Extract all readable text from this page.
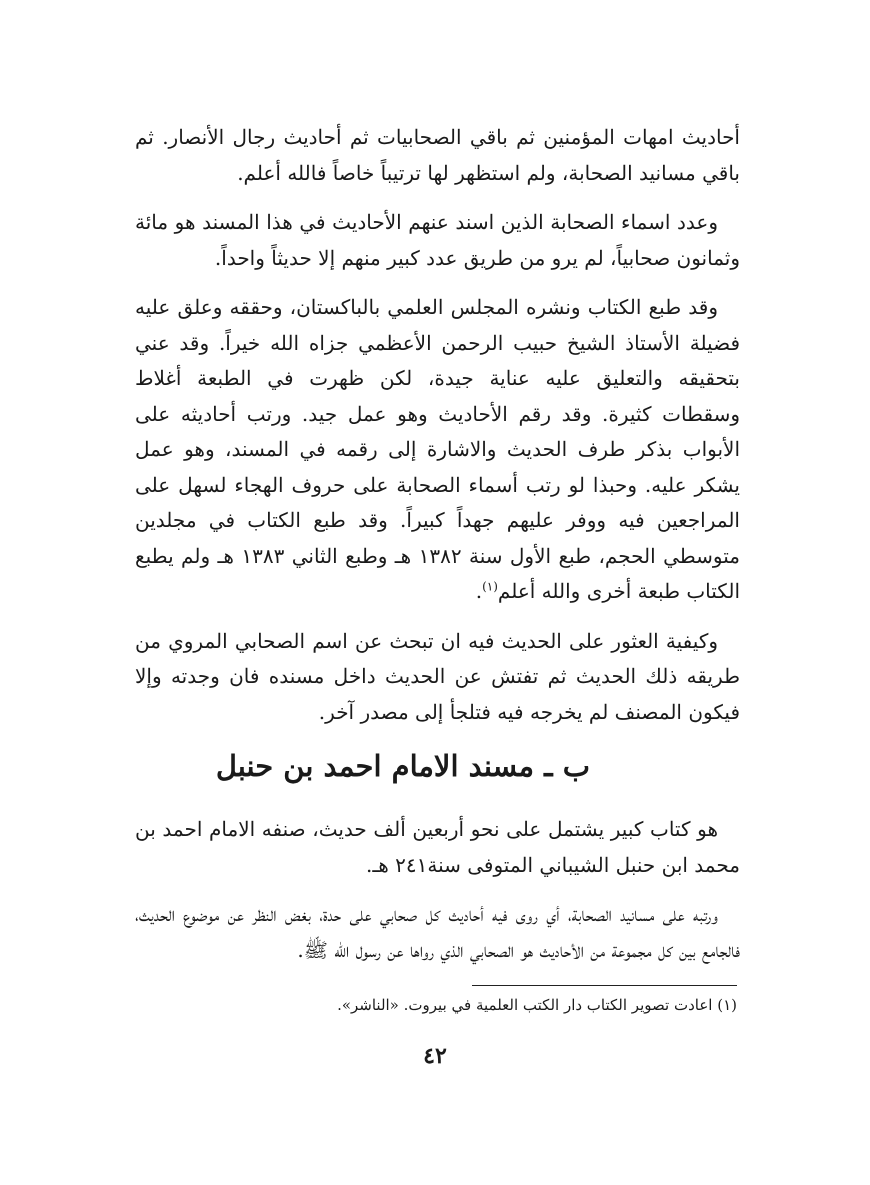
أحاديث امهات المؤمنين ثم باقي الصحابيات ثم أحاديث رجال الأنصار. ثم باقي مسانيد الصحابة، ولم استظهر لها ترتيباً خاصاً فالله أعلم.

وعدد اسماء الصحابة الذين اسند عنهم الأحاديث في هذا المسند هو مائة وثمانون صحابياً، لم يرو من طريق عدد كبير منهم إلا حديثاً واحداً.

وقد طبع الكتاب ونشره المجلس العلمي بالباكستان، وحققه وعلق عليه فضيلة الأستاذ الشيخ حبيب الرحمن الأعظمي جزاه الله خيراً. وقد عني بتحقيقه والتعليق عليه عناية جيدة، لكن ظهرت في الطبعة أغلاط وسقطات كثيرة. وقد رقم الأحاديث وهو عمل جيد. ورتب أحاديثه على الأبواب بذكر طرف الحديث والاشارة إلى رقمه في المسند، وهو عمل يشكر عليه. وحبذا لو رتب أسماء الصحابة على حروف الهجاء لسهل على المراجعين فيه ووفر عليهم جهداً كبيراً. وقد طبع الكتاب في مجلدين متوسطي الحجم، طبع الأول سنة ١٣٨٢ هـ وطبع الثاني ١٣٨٣ هـ ولم يطبع الكتاب طبعة أخرى والله أعلم$^{(١)}$.

وكيفية العثور على الحديث فيه ان تبحث عن اسم الصحابي المروي من طريقه ذلك الحديث ثم تفتش عن الحديث داخل مسنده فان وجدته وإلا فيكون المصنف لم يخرجه فيه فتلجأ إلى مصدر آخر.

ب ـ مسند الامام احمد بن حنبل

هو كتاب كبير يشتمل على نحو أربعين ألف حديث، صنفه الامام احمد بن محمد ابن حنبل الشيباني المتوفى سنة٢٤١ هـ.

ورتبه على مسانيد الصحابة، أي روى فيه أحاديث كل صحابي على حدة، بغض النظر عن موضوع الحديث، فالجامع بين كل مجموعة من الأحاديث هو الصحابي الذي رواها عن رسول الله ﷺ.

(١) اعادت تصوير الكتاب دار الكتب العلمية في بيروت. «الناشر».
٤٢
